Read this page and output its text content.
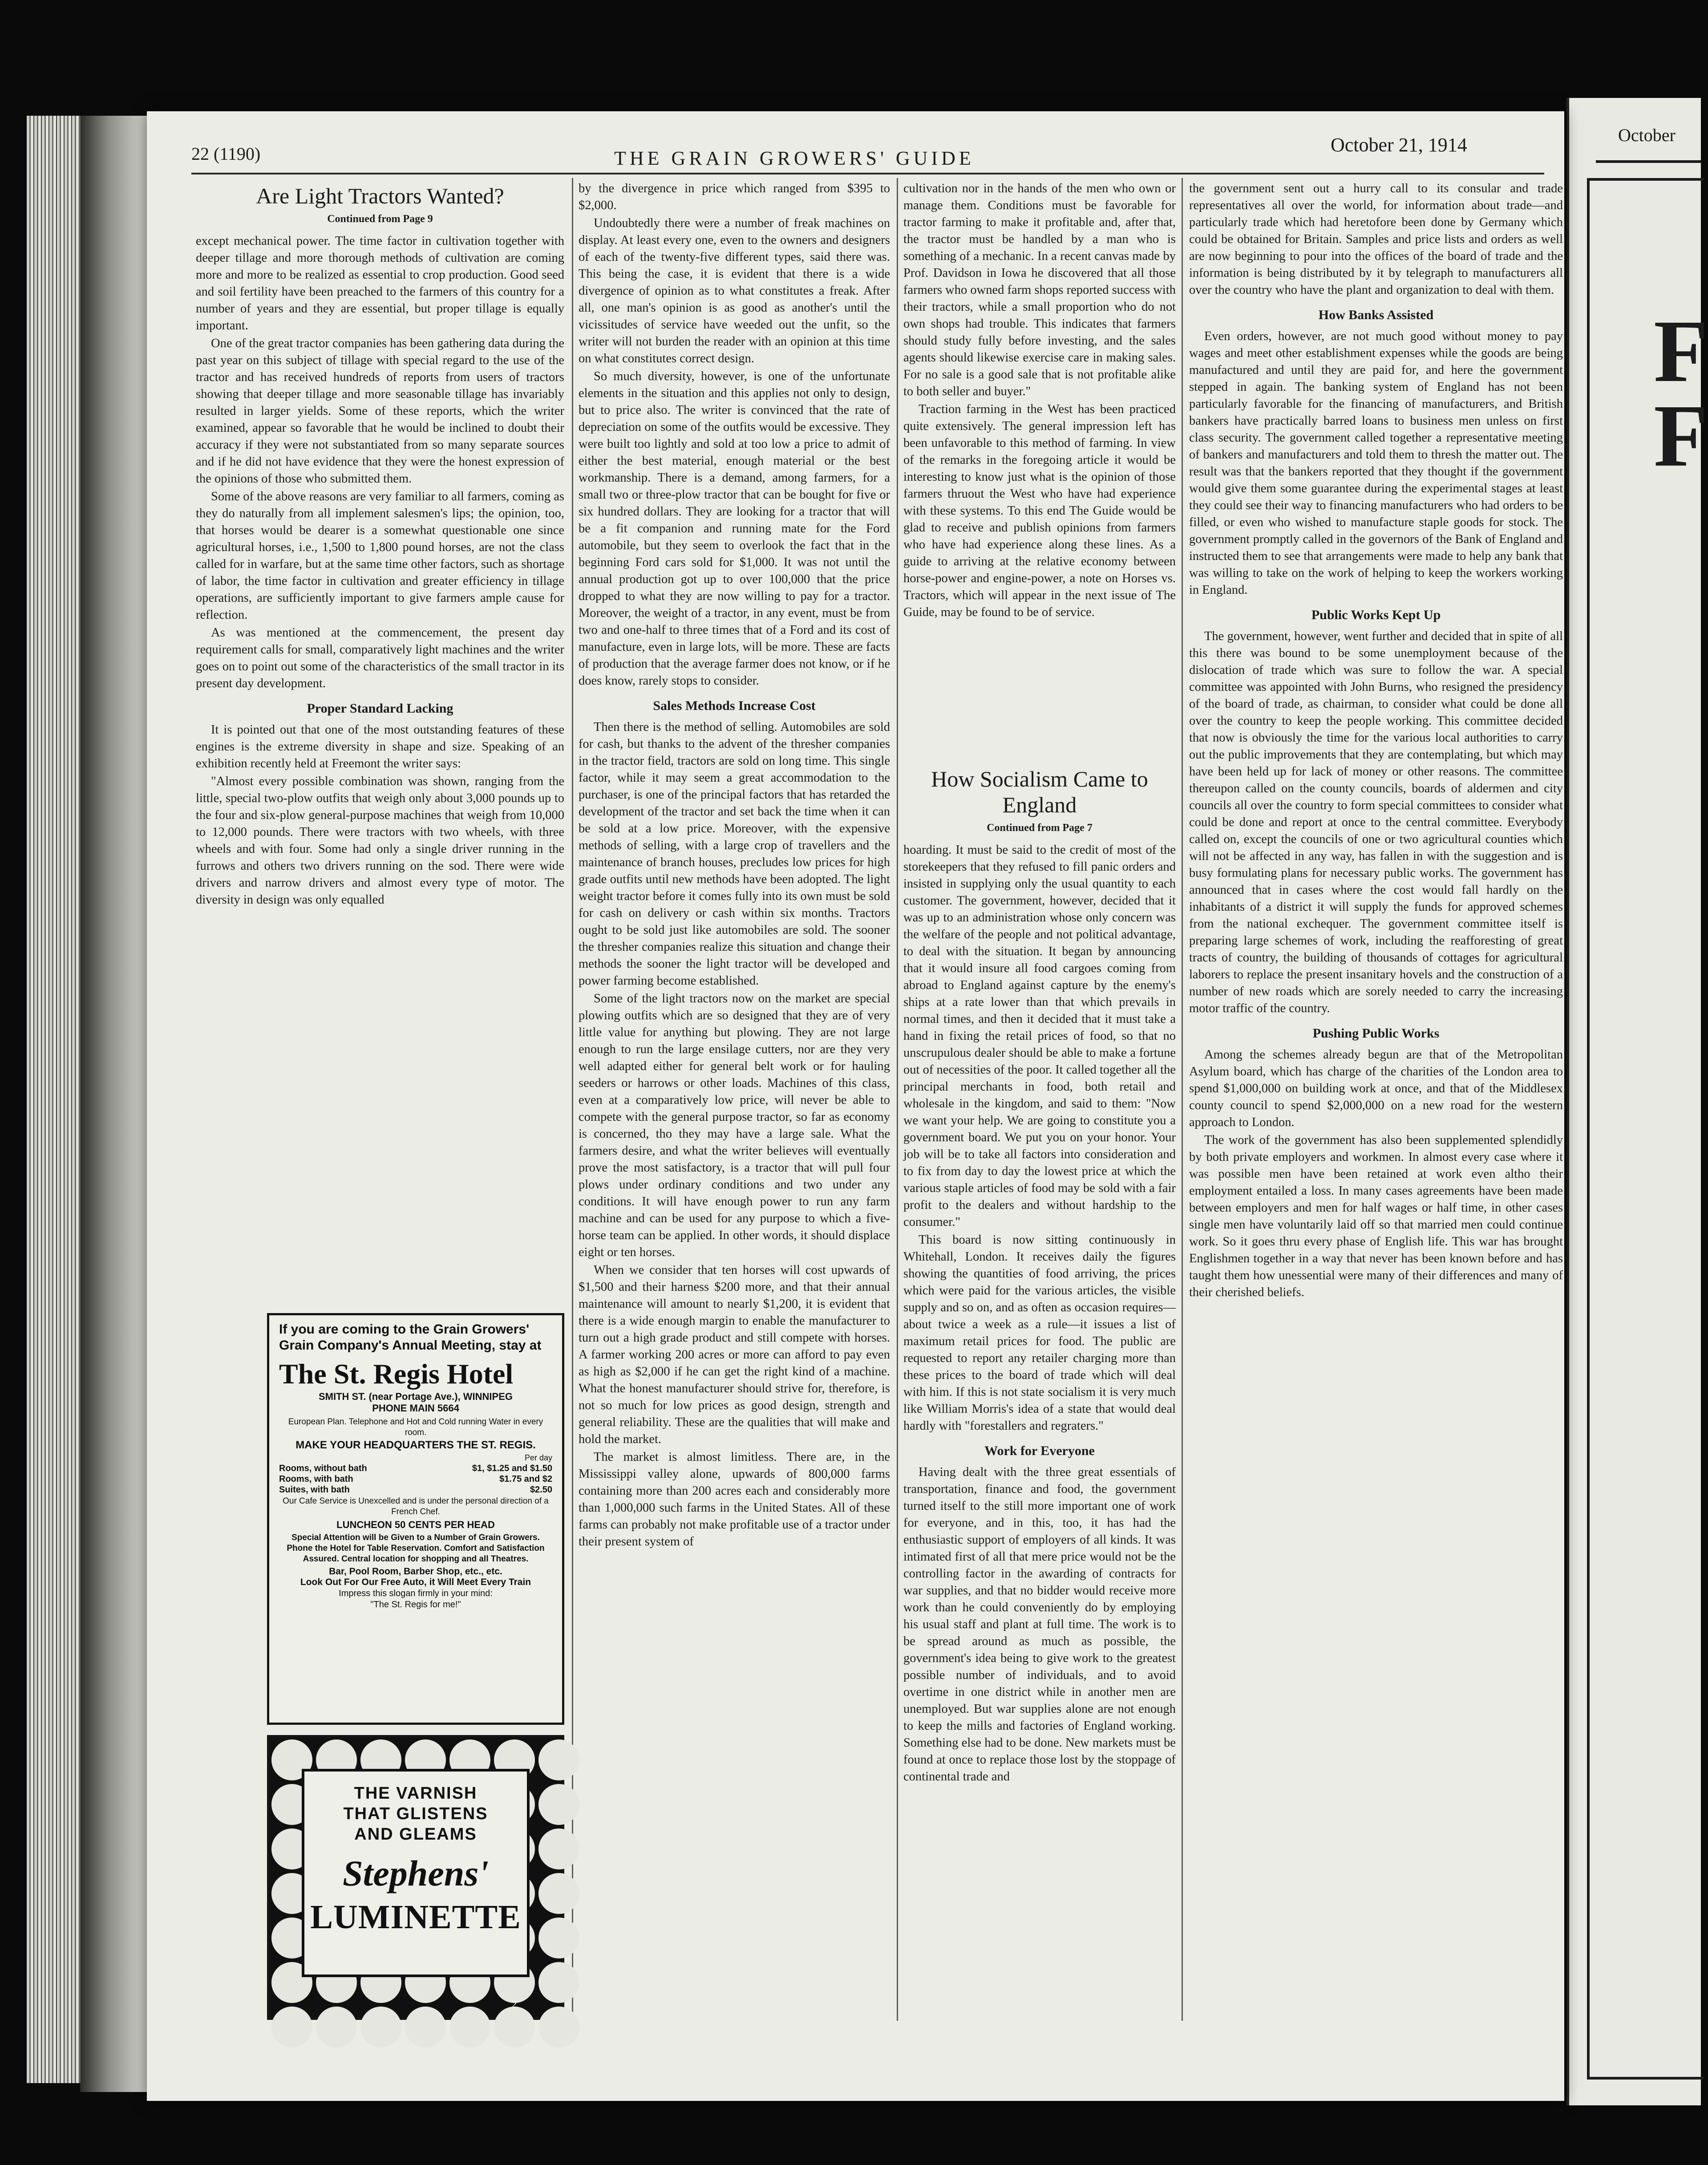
October
F
F
22 (1190)	THE GRAIN GROWERS' GUIDE
October 21, 1914
Are Light Tractors Wanted?
Continued from Page 9

except mechanical power. The time factor in cultivation together with deeper tillage and more thorough methods of cultivation are coming more and more to be realized as essential to crop production. Good seed and soil fertility have been preached to the farmers of this country for a number of years and they are essential, but proper tillage is equally important.

One of the great tractor companies has been gathering data during the past year on this subject of tillage with special regard to the use of the tractor and has received hundreds of reports from users of tractors showing that deeper tillage and more seasonable tillage has invariably resulted in larger yields. Some of these reports, which the writer examined, appear so favorable that he would be inclined to doubt their accuracy if they were not substantiated from so many separate sources and if he did not have evidence that they were the honest expression of the opinions of those who submitted them.

Some of the above reasons are very familiar to all farmers, coming as they do naturally from all implement salesmen's lips; the opinion, too, that horses would be dearer is a somewhat questionable one since agricultural horses, i.e., 1,500 to 1,800 pound horses, are not the class called for in warfare, but at the same time other factors, such as shortage of labor, the time factor in cultivation and greater efficiency in tillage operations, are sufficiently important to give farmers ample cause for reflection.

As was mentioned at the commencement, the present day requirement calls for small, comparatively light machines and the writer goes on to point out some of the characteristics of the small tractor in its present day development.

Proper Standard Lacking

It is pointed out that one of the most outstanding features of these engines is the extreme diversity in shape and size. Speaking of an exhibition recently held at Freemont the writer says:

"Almost every possible combination was shown, ranging from the little, special two-plow outfits that weigh only about 3,000 pounds up to the four and six-plow general-purpose machines that weigh from 10,000 to 12,000 pounds. There were tractors with two wheels, with three wheels and with four. Some had only a single driver running in the furrows and others two drivers running on the sod. There were wide drivers and narrow drivers and almost every type of motor. The diversity in design was only equalled

If you are coming to the Grain Growers' Grain Company's Annual Meeting, stay at
The St. Regis Hotel
SMITH ST. (near Portage Ave.), WINNIPEG
PHONE MAIN 5664
European Plan. Telephone and Hot and Cold running Water in every room.
MAKE YOUR HEADQUARTERS THE ST. REGIS.
Per day
Rooms, without bath	$1, $1.25 and $1.50
Rooms, with bath	$1.75 and $2
Suites, with bath	$2.50
Our Cafe Service is Unexcelled and is under the personal direction of a French Chef.
LUNCHEON 50 CENTS PER HEAD
Special Attention will be Given to a Number of Grain Growers. Phone the Hotel for Table Reservation. Comfort and Satisfaction Assured. Central location for shopping and all Theatres.
Bar, Pool Room, Barber Shop, etc., etc.
Look Out For Our Free Auto, it Will Meet Every Train
Impress this slogan firmly in your mind:
"The St. Regis for me!"
THE VARNISH
THAT GLISTENS
AND GLEAMS
Stephens'
LUMINETTE
2

by the divergence in price which ranged from $395 to $2,000.

Undoubtedly there were a number of freak machines on display. At least every one, even to the owners and designers of each of the twenty-five different types, said there was. This being the case, it is evident that there is a wide divergence of opinion as to what constitutes a freak. After all, one man's opinion is as good as another's until the vicissitudes of service have weeded out the unfit, so the writer will not burden the reader with an opinion at this time on what constitutes correct design.

So much diversity, however, is one of the unfortunate elements in the situation and this applies not only to design, but to price also. The writer is convinced that the rate of depreciation on some of the outfits would be excessive. They were built too lightly and sold at too low a price to admit of either the best material, enough material or the best workmanship. There is a demand, among farmers, for a small two or three-plow tractor that can be bought for five or six hundred dollars. They are looking for a tractor that will be a fit companion and running mate for the Ford automobile, but they seem to overlook the fact that in the beginning Ford cars sold for $1,000. It was not until the annual production got up to over 100,000 that the price dropped to what they are now willing to pay for a tractor. Moreover, the weight of a tractor, in any event, must be from two and one-half to three times that of a Ford and its cost of manufacture, even in large lots, will be more. These are facts of production that the average farmer does not know, or if he does know, rarely stops to consider.

Sales Methods Increase Cost

Then there is the method of selling. Automobiles are sold for cash, but thanks to the advent of the thresher companies in the tractor field, tractors are sold on long time. This single factor, while it may seem a great accommodation to the purchaser, is one of the principal factors that has retarded the development of the tractor and set back the time when it can be sold at a low price. Moreover, with the expensive methods of selling, with a large crop of travellers and the maintenance of branch houses, precludes low prices for high grade outfits until new methods have been adopted. The light weight tractor before it comes fully into its own must be sold for cash on delivery or cash within six months. Tractors ought to be sold just like automobiles are sold. The sooner the thresher companies realize this situation and change their methods the sooner the light tractor will be developed and power farming become established.

Some of the light tractors now on the market are special plowing outfits which are so designed that they are of very little value for anything but plowing. They are not large enough to run the large ensilage cutters, nor are they very well adapted either for general belt work or for hauling seeders or harrows or other loads. Machines of this class, even at a comparatively low price, will never be able to compete with the general purpose tractor, so far as economy is concerned, tho they may have a large sale. What the farmers desire, and what the writer believes will eventually prove the most satisfactory, is a tractor that will pull four plows under ordinary conditions and two under any conditions. It will have enough power to run any farm machine and can be used for any purpose to which a five-horse team can be applied. In other words, it should displace eight or ten horses.

When we consider that ten horses will cost upwards of $1,500 and their harness $200 more, and that their annual maintenance will amount to nearly $1,200, it is evident that there is a wide enough margin to enable the manufacturer to turn out a high grade product and still compete with horses. A farmer working 200 acres or more can afford to pay even as high as $2,000 if he can get the right kind of a machine. What the honest manufacturer should strive for, therefore, is not so much for low prices as good design, strength and general reliability. These are the qualities that will make and hold the market.

The market is almost limitless. There are, in the Mississippi valley alone, upwards of 800,000 farms containing more than 200 acres each and considerably more than 1,000,000 such farms in the United States. All of these farms can probably not make profitable use of a tractor under their present system of

cultivation nor in the hands of the men who own or manage them. Conditions must be favorable for tractor farming to make it profitable and, after that, the tractor must be handled by a man who is something of a mechanic. In a recent canvas made by Prof. Davidson in Iowa he discovered that all those farmers who owned farm shops reported success with their tractors, while a small proportion who do not own shops had trouble. This indicates that farmers should study fully before investing, and the sales agents should likewise exercise care in making sales. For no sale is a good sale that is not profitable alike to both seller and buyer."

Traction farming in the West has been practiced quite extensively. The general impression left has been unfavorable to this method of farming. In view of the remarks in the foregoing article it would be interesting to know just what is the opinion of those farmers thruout the West who have had experience with these systems. To this end The Guide would be glad to receive and publish opinions from farmers who have had experience along these lines. As a guide to arriving at the relative economy between horse-power and engine-power, a note on Horses vs. Tractors, which will appear in the next issue of The Guide, may be found to be of service.

How Socialism Came to England
Continued from Page 7

hoarding. It must be said to the credit of most of the storekeepers that they refused to fill panic orders and insisted in supplying only the usual quantity to each customer. The government, however, decided that it was up to an administration whose only concern was the welfare of the people and not political advantage, to deal with the situation. It began by announcing that it would insure all food cargoes coming from abroad to England against capture by the enemy's ships at a rate lower than that which prevails in normal times, and then it decided that it must take a hand in fixing the retail prices of food, so that no unscrupulous dealer should be able to make a fortune out of necessities of the poor. It called together all the principal merchants in food, both retail and wholesale in the kingdom, and said to them: "Now we want your help. We are going to constitute you a government board. We put you on your honor. Your job will be to take all factors into consideration and to fix from day to day the lowest price at which the various staple articles of food may be sold with a fair profit to the dealers and without hardship to the consumer."

This board is now sitting continuously in Whitehall, London. It receives daily the figures showing the quantities of food arriving, the prices which were paid for the various articles, the visible supply and so on, and as often as occasion requires—about twice a week as a rule—it issues a list of maximum retail prices for food. The public are requested to report any retailer charging more than these prices to the board of trade which will deal with him. If this is not state socialism it is very much like William Morris's idea of a state that would deal hardly with "forestallers and regraters."

Work for Everyone

Having dealt with the three great essentials of transportation, finance and food, the government turned itself to the still more important one of work for everyone, and in this, too, it has had the enthusiastic support of employers of all kinds. It was intimated first of all that mere price would not be the controlling factor in the awarding of contracts for war supplies, and that no bidder would receive more work than he could conveniently do by employing his usual staff and plant at full time. The work is to be spread around as much as possible, the government's idea being to give work to the greatest possible number of individuals, and to avoid overtime in one district while in another men are unemployed. But war supplies alone are not enough to keep the mills and factories of England working. Something else had to be done. New markets must be found at once to replace those lost by the stoppage of continental trade and

the government sent out a hurry call to its consular and trade representatives all over the world, for information about trade—and particularly trade which had heretofore been done by Germany which could be obtained for Britain. Samples and price lists and orders as well are now beginning to pour into the offices of the board of trade and the information is being distributed by it by telegraph to manufacturers all over the country who have the plant and organization to deal with them.

How Banks Assisted

Even orders, however, are not much good without money to pay wages and meet other establishment expenses while the goods are being manufactured and until they are paid for, and here the government stepped in again. The banking system of England has not been particularly favorable for the financing of manufacturers, and British bankers have practically barred loans to business men unless on first class security. The government called together a representative meeting of bankers and manufacturers and told them to thresh the matter out. The result was that the bankers reported that they thought if the government would give them some guarantee during the experimental stages at least they could see their way to financing manufacturers who had orders to be filled, or even who wished to manufacture staple goods for stock. The government promptly called in the governors of the Bank of England and instructed them to see that arrangements were made to help any bank that was willing to take on the work of helping to keep the workers working in England.

Public Works Kept Up

The government, however, went further and decided that in spite of all this there was bound to be some unemployment because of the dislocation of trade which was sure to follow the war. A special committee was appointed with John Burns, who resigned the presidency of the board of trade, as chairman, to consider what could be done all over the country to keep the people working. This committee decided that now is obviously the time for the various local authorities to carry out the public improvements that they are contemplating, but which may have been held up for lack of money or other reasons. The committee thereupon called on the county councils, boards of aldermen and city councils all over the country to form special committees to consider what could be done and report at once to the central committee. Everybody called on, except the councils of one or two agricultural counties which will not be affected in any way, has fallen in with the suggestion and is busy formulating plans for necessary public works. The government has announced that in cases where the cost would fall hardly on the inhabitants of a district it will supply the funds for approved schemes from the national exchequer. The government committee itself is preparing large schemes of work, including the reafforesting of great tracts of country, the building of thousands of cottages for agricultural laborers to replace the present insanitary hovels and the construction of a number of new roads which are sorely needed to carry the increasing motor traffic of the country.

Pushing Public Works

Among the schemes already begun are that of the Metropolitan Asylum board, which has charge of the charities of the London area to spend $1,000,000 on building work at once, and that of the Middlesex county council to spend $2,000,000 on a new road for the western approach to London.

The work of the government has also been supplemented splendidly by both private employers and workmen. In almost every case where it was possible men have been retained at work even altho their employment entailed a loss. In many cases agreements have been made between employers and men for half wages or half time, in other cases single men have voluntarily laid off so that married men could continue work. So it goes thru every phase of English life. This war has brought Englishmen together in a way that never has been known before and has taught them how unessential were many of their differences and many of their cherished beliefs.
